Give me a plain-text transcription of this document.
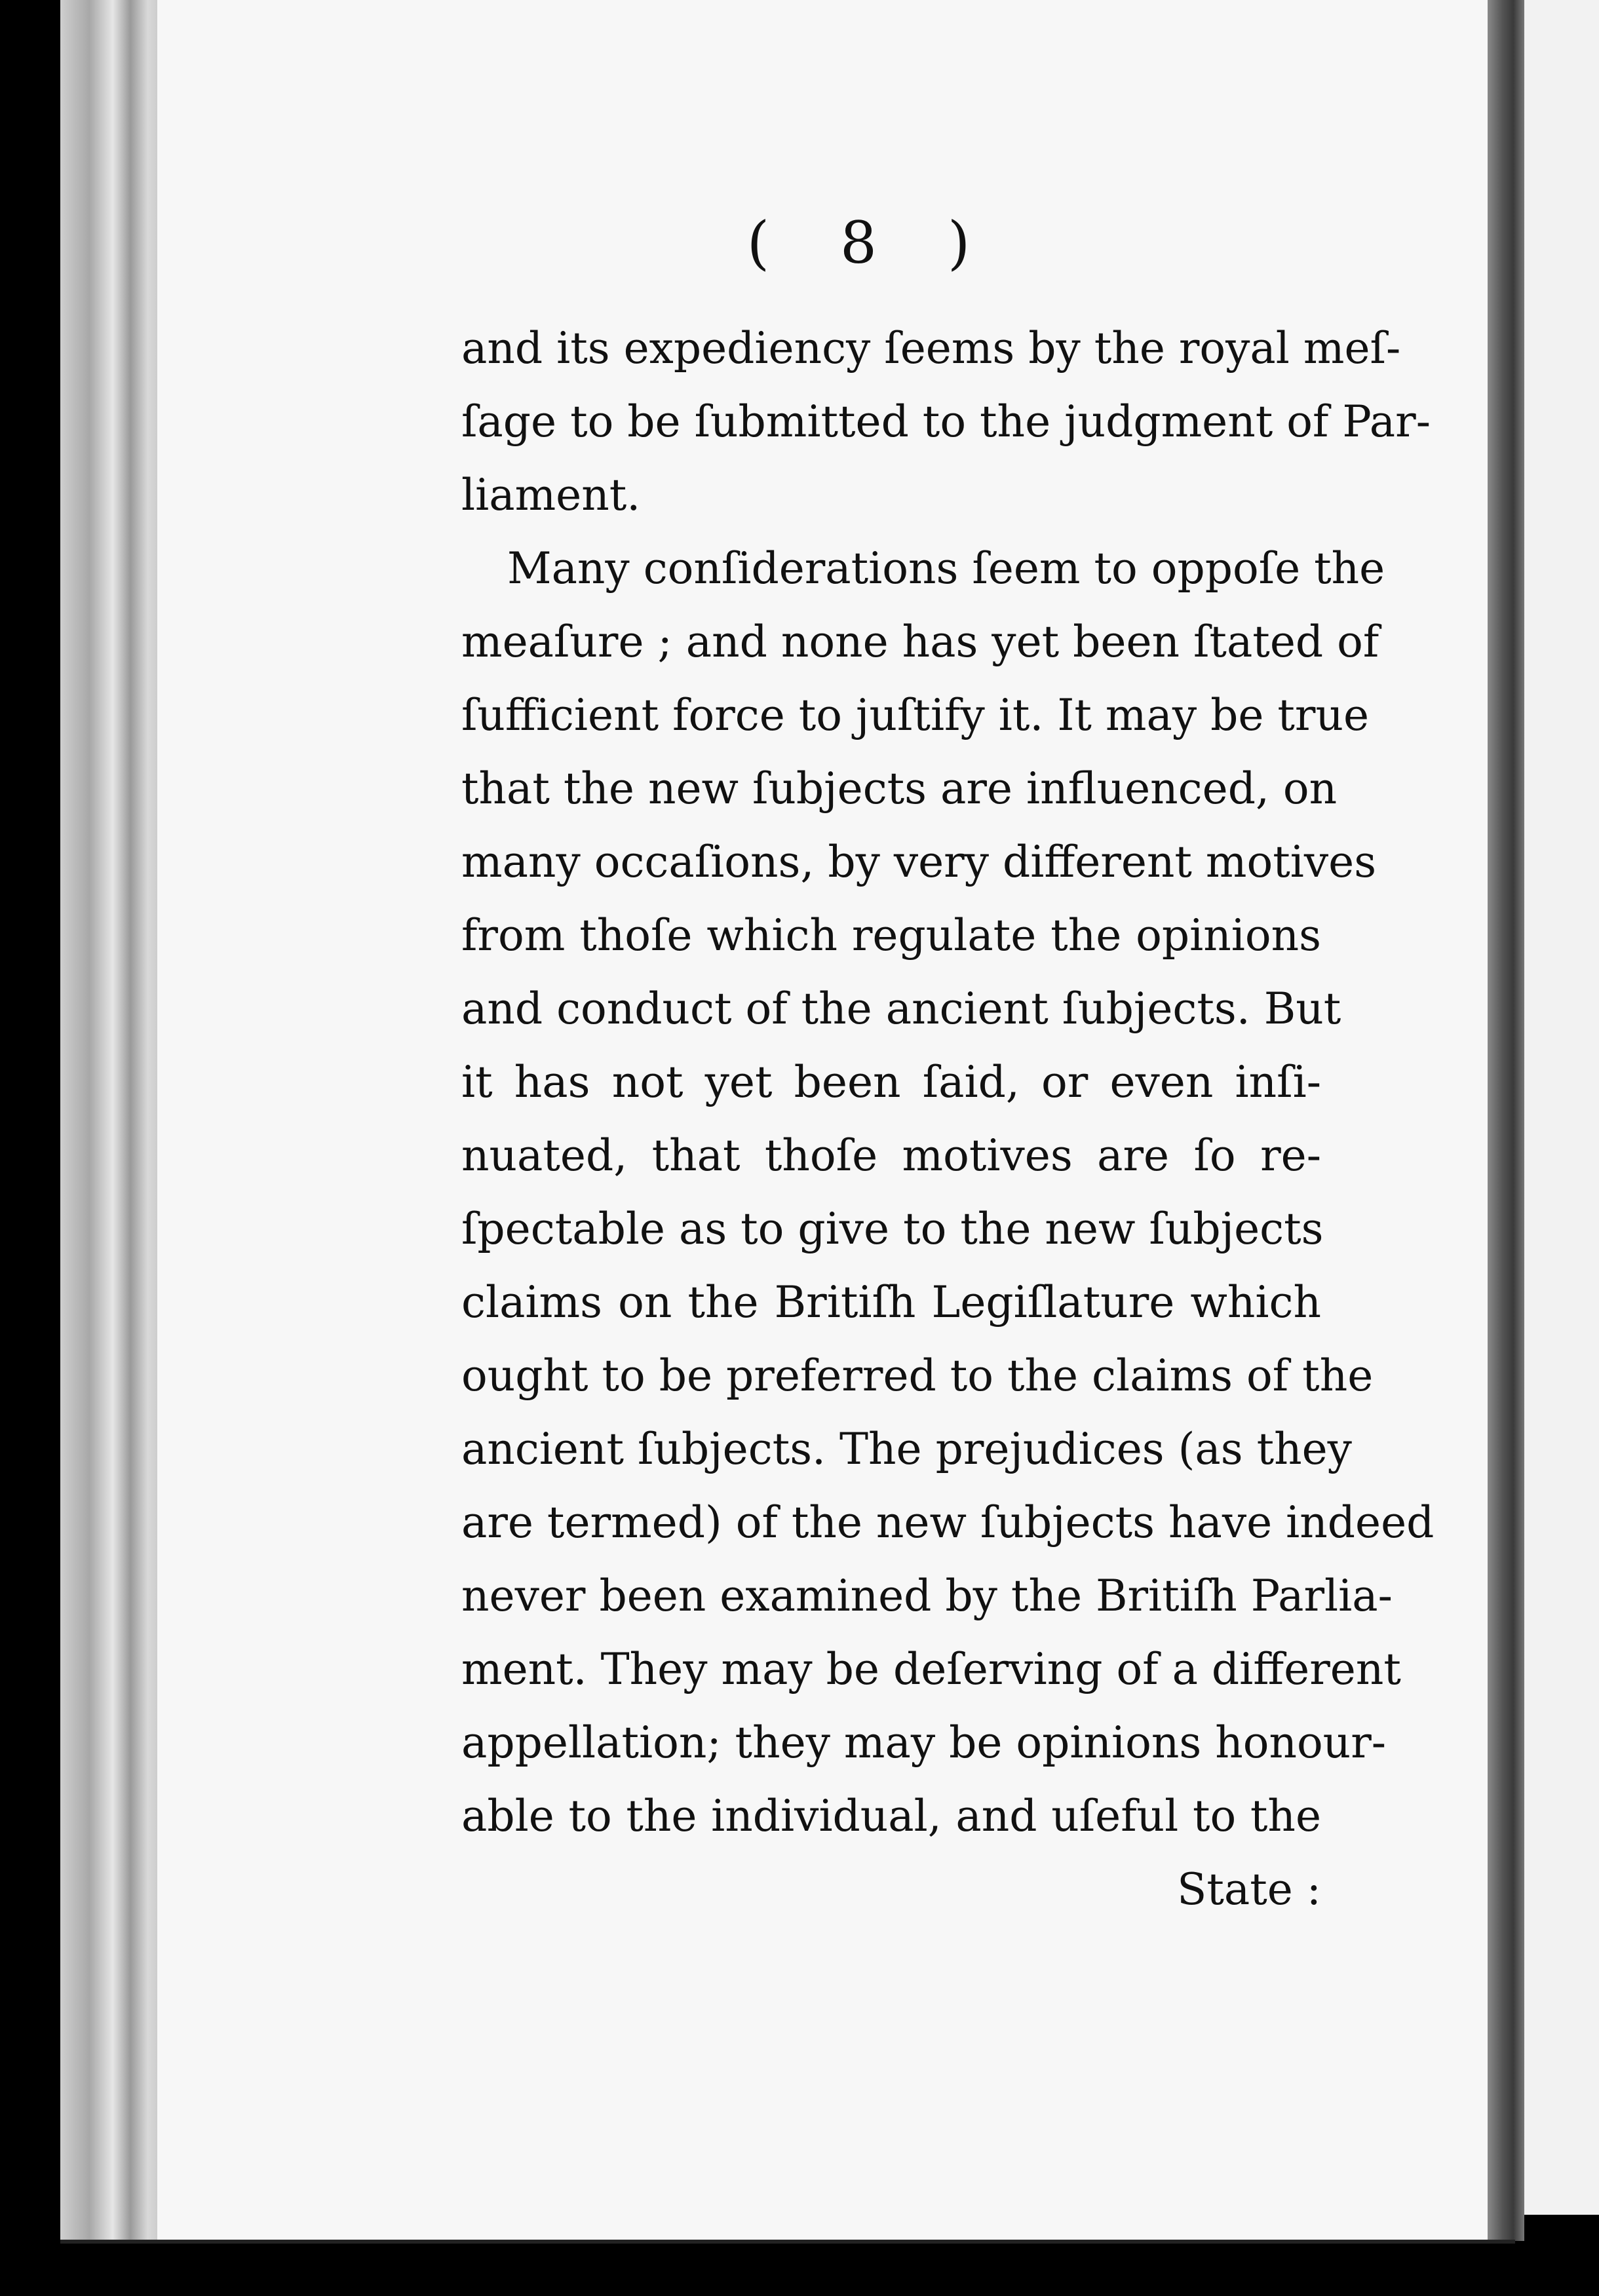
( 8 )
and its expediency ſeems by the royal meſ-
ſage to be ſubmitted to the judgment of Par-
liament.
Many conſiderations ſeem to oppoſe the
meaſure ; and none has yet been ſtated of
ſufficient force to juſtify it. It may be true
that the new ſubjects are influenced, on
many occaſions, by very different motives
from thoſe which regulate the opinions
and conduct of the ancient ſubjects. But
it has not yet been ſaid, or even inſi-
nuated, that thoſe motives are ſo re-
ſpectable as to give to the new ſubjects
claims on the Britiſh Legiſlature which
ought to be preferred to the claims of the
ancient ſubjects. The prejudices (as they
are termed) of the new ſubjects have indeed
never been examined by the Britiſh Parlia-
ment. They may be deſerving of a different
appellation; they may be opinions honour-
able to the individual, and uſeful to the
State :
